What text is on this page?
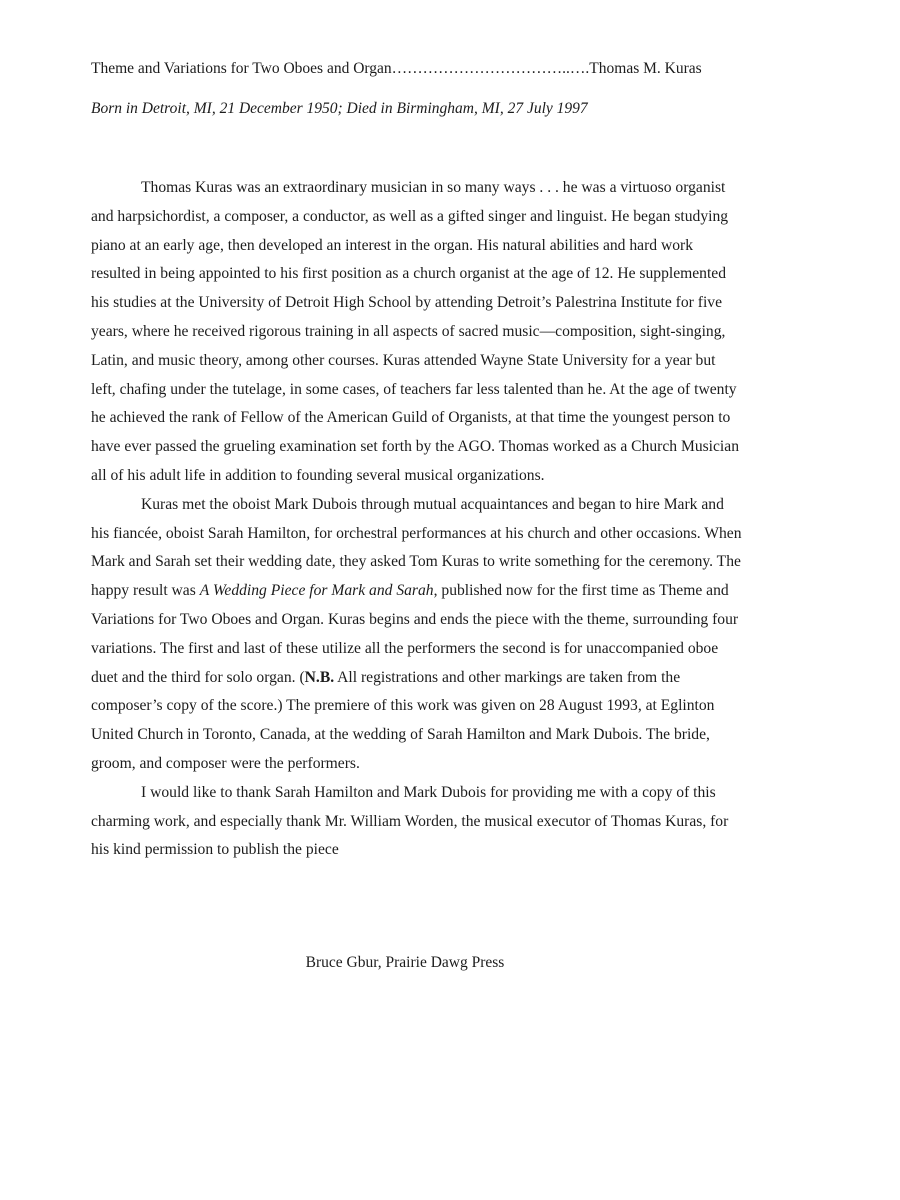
Theme and Variations for Two Oboes and Organ……………………………..….Thomas M. Kuras
Born in Detroit, MI, 21 December 1950; Died in Birmingham, MI, 27 July 1997

Thomas Kuras was an extraordinary musician in so many ways . . . he was a virtuoso organist and harpsichordist, a composer, a conductor, as well as a gifted singer and linguist. He began studying piano at an early age, then developed an interest in the organ. His natural abilities and hard work resulted in being appointed to his first position as a church organist at the age of 12. He supplemented his studies at the University of Detroit High School by attending Detroit’s Palestrina Institute for five years, where he received rigorous training in all aspects of sacred music—composition, sight-singing, Latin, and music theory, among other courses. Kuras attended Wayne State University for a year but left, chafing under the tutelage, in some cases, of teachers far less talented than he. At the age of twenty he achieved the rank of Fellow of the American Guild of Organists, at that time the youngest person to have ever passed the grueling examination set forth by the AGO. Thomas worked as a Church Musician all of his adult life in addition to founding several musical organizations.

Kuras met the oboist Mark Dubois through mutual acquaintances and began to hire Mark and his fiancée, oboist Sarah Hamilton, for orchestral performances at his church and other occasions. When Mark and Sarah set their wedding date, they asked Tom Kuras to write something for the ceremony. The happy result was A Wedding Piece for Mark and Sarah, published now for the first time as Theme and Variations for Two Oboes and Organ. Kuras begins and ends the piece with the theme, surrounding four variations. The first and last of these utilize all the performers the second is for unaccompanied oboe duet and the third for solo organ. (N.B. All registrations and other markings are taken from the composer’s copy of the score.) The premiere of this work was given on 28 August 1993, at Eglinton United Church in Toronto, Canada, at the wedding of Sarah Hamilton and Mark Dubois. The bride, groom, and composer were the performers.

I would like to thank Sarah Hamilton and Mark Dubois for providing me with a copy of this charming work, and especially thank Mr. William Worden, the musical executor of Thomas Kuras, for his kind permission to publish the piece

Bruce Gbur, Prairie Dawg Press
